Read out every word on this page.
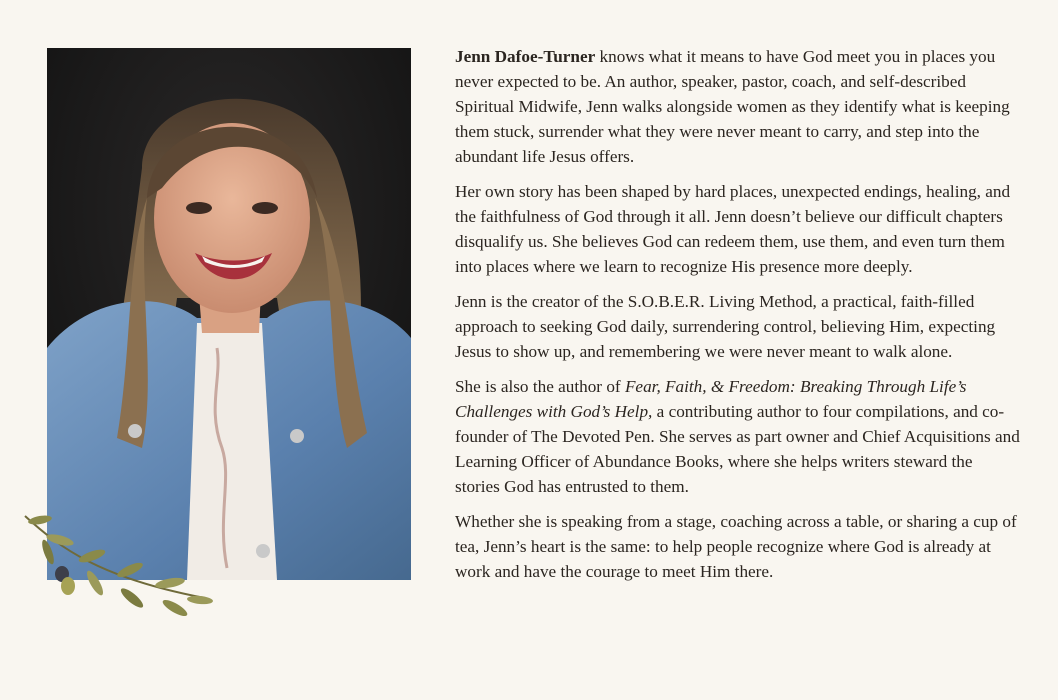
Jenn Dafoe-Turner knows what it means to have God meet you in places you never expected to be. An author, speaker, pastor, coach, and self-described Spiritual Midwife, Jenn walks alongside women as they identify what is keeping them stuck, surrender what they were never meant to carry, and step into the abundant life Jesus offers.

Her own story has been shaped by hard places, unexpected endings, healing, and the faithfulness of God through it all. Jenn doesn’t believe our difficult chapters disqualify us. She believes God can redeem them, use them, and even turn them into places where we learn to recognize His presence more deeply.

Jenn is the creator of the S.O.B.E.R. Living Method, a practical, faith-filled approach to seeking God daily, surrendering control, believing Him, expecting Jesus to show up, and remembering we were never meant to walk alone.

She is also the author of Fear, Faith, & Freedom: Breaking Through Life’s Challenges with God’s Help, a contributing author to four compilations, and co-founder of The Devoted Pen. She serves as part owner and Chief Acquisitions and Learning Officer of Abundance Books, where she helps writers steward the stories God has entrusted to them.

Whether she is speaking from a stage, coaching across a table, or sharing a cup of tea, Jenn’s heart is the same: to help people recognize where God is already at work and have the courage to meet Him there.
